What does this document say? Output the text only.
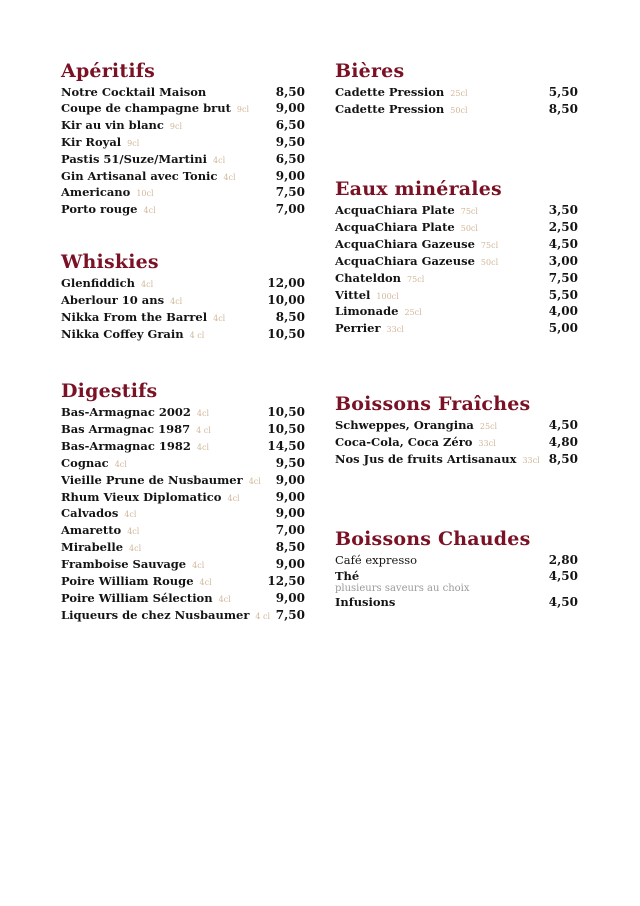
Apéritifs
Notre Cocktail Maison	8,50
Coupe de champagne brut 9cl 9,00
Kir au vin blanc 9cl	6,50
Kir Royal 9cl	9,50
Pastis 51/Suze/Martini 4cl	6,50
Gin Artisanal avec Tonic 4cl	9,00
Americano 10cl	7,50
Porto rouge 4cl	7,00
Whiskies
Glenfiddich 4cl	12,00
Aberlour 10 ans 4cl	10,00
Nikka From the Barrel 4cl	8,50
Nikka Coffey Grain 4 cl	10,50
Digestifs
Bas-Armagnac 2002 4cl	10,50
Bas Armagnac 1987 4 cl	10,50
Bas-Armagnac 1982 4cl	14,50
Cognac 4cl	9,50
Vieille Prune de Nusbaumer 4cl 9,00
Rhum Vieux Diplomatico 4cl	9,00
Calvados 4cl	9,00
Amaretto 4cl	7,00
Mirabelle 4cl	8,50
Framboise Sauvage 4cl	9,00
Poire William Rouge 4cl	12,50
Poire William Sélection 4cl	9,00
Liqueurs de chez Nusbaumer 4 cl 7,50
Bières
Cadette Pression 25cl	5,50
Cadette Pression 50cl	8,50
Eaux minérales
AcquaChiara Plate 75cl	3,50
AcquaChiara Plate 50cl	2,50
AcquaChiara Gazeuse 75cl	4,50
AcquaChiara Gazeuse 50cl	3,00
Chateldon 75cl	7,50
Vittel 100cl	5,50
Limonade 25cl	4,00
Perrier 33cl	5,00
Boissons Fraîches
Schweppes, Orangina 25cl	4,50
Coca-Cola, Coca Zéro 33cl	4,80
Nos Jus de fruits Artisanaux 33cl 8,50
Boissons Chaudes
Café expresso	2,80
Thé	4,50
plusieurs saveurs au choix
Infusions	4,50
